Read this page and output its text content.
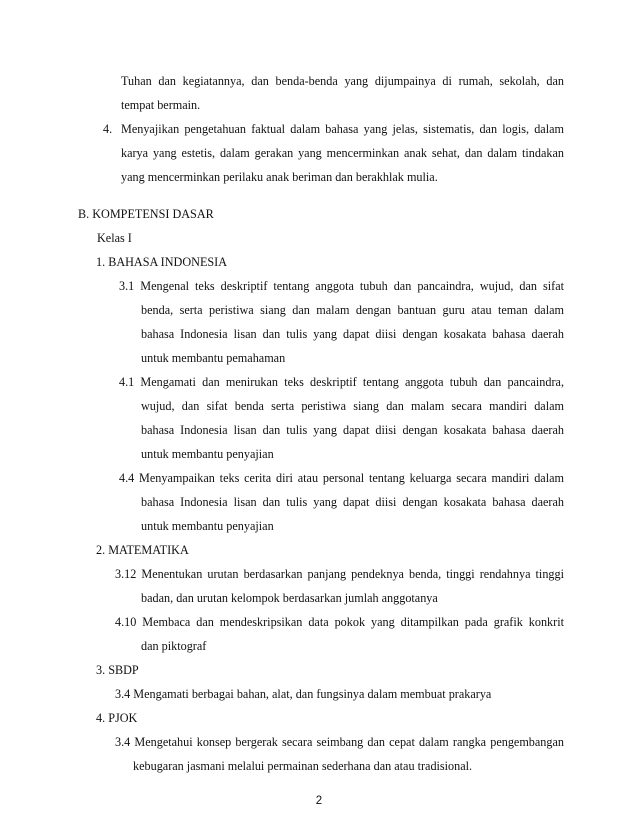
Tuhan dan kegiatannya, dan benda-benda yang dijumpainya di rumah, sekolah, dan
tempat bermain.
4. Menyajikan pengetahuan faktual dalam bahasa yang jelas, sistematis, dan logis, dalam
karya yang estetis, dalam gerakan yang mencerminkan anak sehat, dan dalam tindakan
yang mencerminkan perilaku anak beriman dan berakhlak mulia.
B. KOMPETENSI DASAR
Kelas I
1. BAHASA INDONESIA
3.1 Mengenal teks deskriptif tentang anggota tubuh dan pancaindra, wujud, dan sifat
benda, serta peristiwa siang dan malam dengan bantuan guru atau teman dalam
bahasa Indonesia lisan dan tulis yang dapat diisi dengan kosakata bahasa daerah
untuk membantu pemahaman
4.1 Mengamati dan menirukan teks deskriptif tentang anggota tubuh dan pancaindra,
wujud, dan sifat benda serta peristiwa siang dan malam secara mandiri dalam
bahasa Indonesia lisan dan tulis yang dapat diisi dengan kosakata bahasa daerah
untuk membantu penyajian
4.4 Menyampaikan teks cerita diri atau personal tentang keluarga secara mandiri dalam
bahasa Indonesia lisan dan tulis yang dapat diisi dengan kosakata bahasa daerah
untuk membantu penyajian
2. MATEMATIKA
3.12 Menentukan urutan berdasarkan panjang pendeknya benda, tinggi rendahnya tinggi
badan, dan urutan kelompok berdasarkan jumlah anggotanya
4.10 Membaca dan mendeskripsikan data pokok yang ditampilkan pada grafik konkrit
dan piktograf
3. SBDP
3.4 Mengamati berbagai bahan, alat, dan fungsinya dalam membuat prakarya
4. PJOK
3.4 Mengetahui konsep bergerak secara seimbang dan cepat dalam rangka pengembangan
kebugaran jasmani melalui permainan sederhana dan atau tradisional.
2
